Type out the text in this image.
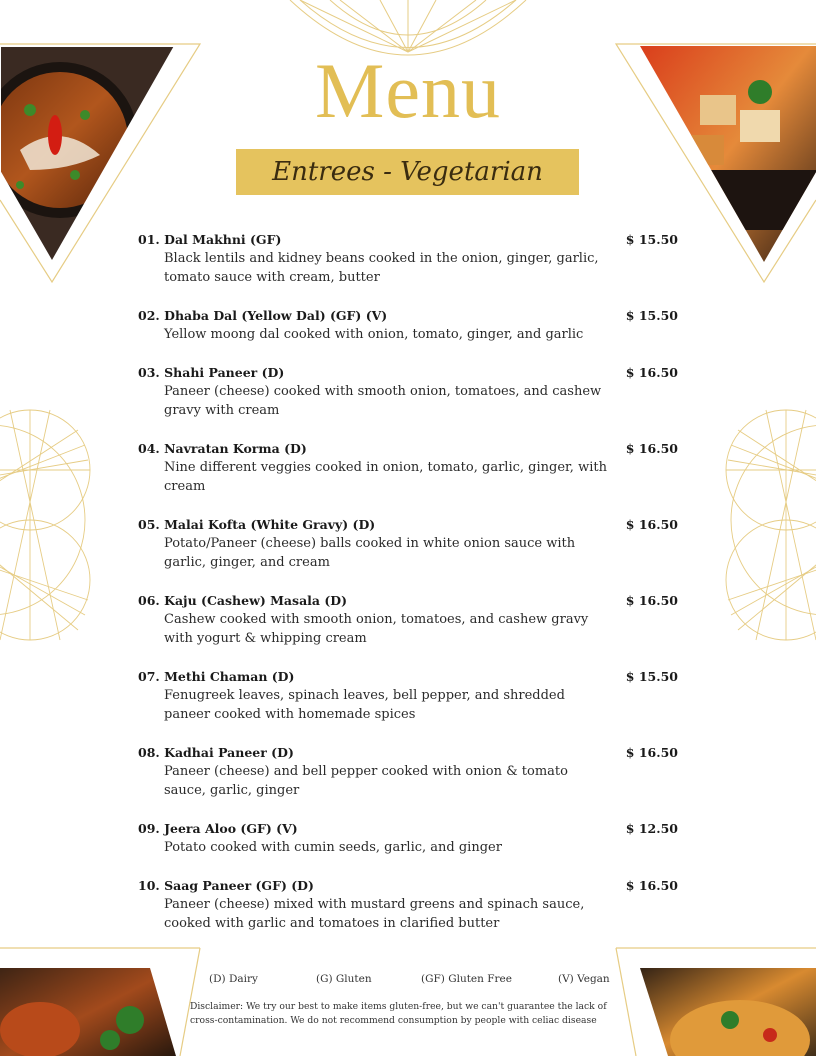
Menu
Entrees - Vegetarian
01. Dal Makhni (GF)
Black lentils and kidney beans cooked in the onion, ginger, garlic, tomato sauce with cream, butter
$ 15.50
02. Dhaba Dal (Yellow Dal) (GF) (V)
Yellow moong dal cooked with onion, tomato, ginger, and garlic
$ 15.50
03. Shahi Paneer (D)
Paneer (cheese) cooked with smooth onion, tomatoes, and cashew gravy with cream
$ 16.50
04. Navratan Korma (D)
Nine different veggies cooked in onion, tomato, garlic, ginger, with cream
$ 16.50
05. Malai Kofta (White Gravy) (D)
Potato/Paneer (cheese) balls cooked in white onion sauce with garlic, ginger, and cream
$ 16.50
06. Kaju (Cashew) Masala (D)
Cashew cooked with smooth onion, tomatoes, and cashew gravy with yogurt & whipping cream
$ 16.50
07. Methi Chaman (D)
Fenugreek leaves, spinach leaves, bell pepper, and shredded paneer cooked with homemade spices
$ 15.50
08. Kadhai Paneer (D)
Paneer (cheese) and bell pepper cooked with onion & tomato sauce, garlic, ginger
$ 16.50
09. Jeera Aloo (GF) (V)
Potato cooked with cumin seeds, garlic, and ginger
$ 12.50
10. Saag Paneer (GF) (D)
Paneer (cheese) mixed with mustard greens and spinach sauce, cooked with garlic and tomatoes in clarified butter
$ 16.50
(D) Dairy	(G) Gluten	(GF) Gluten Free	(V) Vegan
Disclaimer: We try our best to make items gluten-free, but we can't guarantee the lack of cross-contamination. We do not recommend consumption by people with celiac disease
